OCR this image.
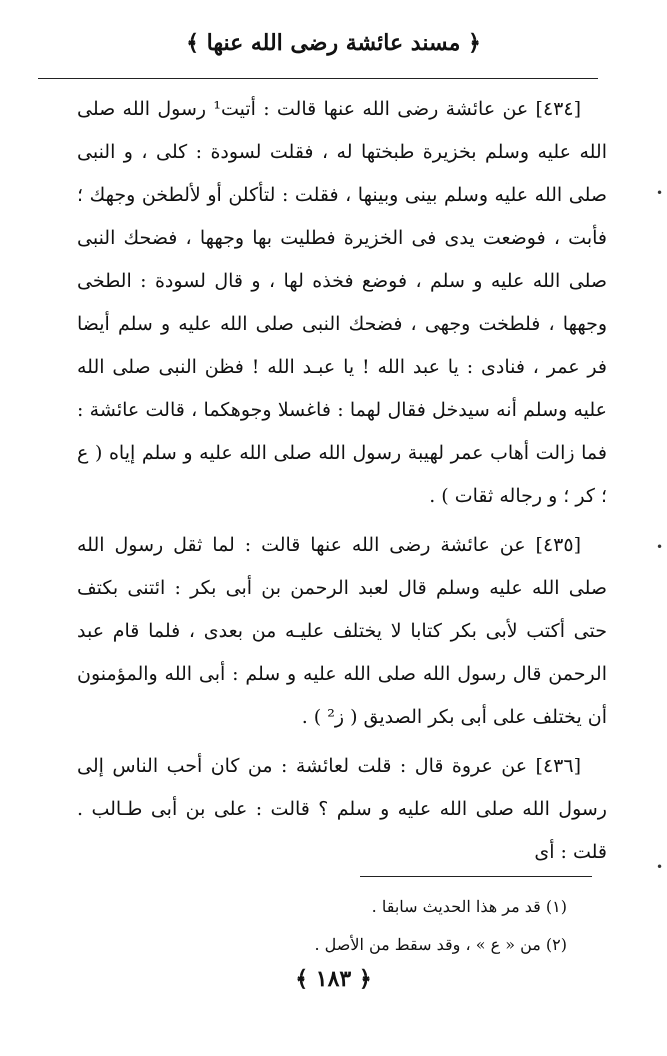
﴿ مسند عائشة رضى الله عنها ﴾

[٤٣٤] عن عائشة رضى الله عنها قالت : أتيت¹ رسول الله صلى الله عليه وسلم بخزيرة طبختها له ، فقلت لسودة : كلى ، و النبى صلى الله عليه وسلم بينى وبينها ، فقلت : لتأكلن أو لألطخن وجهك ؛ فأبت ، فوضعت يدى فى الخزيرة فطليت بها وجهها ، فضحك النبى صلى الله عليه و سلم ، فوضع فخذه لها ، و قال لسودة : الطخى وجهها ، فلطخت وجهى ، فضحك النبى صلى الله عليه و سلم أيضا فر عمر ، فنادى : يا عبد الله ! يا عبـد الله ! فظن النبى صلى الله عليه وسلم أنه سيدخل فقال لهما : فاغسلا وجوهكما ، قالت عائشة : فما زالت أهاب عمر لهيبة رسول الله صلى الله عليه و سلم إياه ( ع ؛ كر ؛ و رجاله ثقات ) .

[٤٣٥] عن عائشة رضى الله عنها قالت : لما ثقل رسول الله صلى الله عليه وسلم قال لعبد الرحمن بن أبى بكر : ائتنى بكتف حتى أكتب لأبى بكر كتابا لا يختلف عليـه من بعدى ، فلما قام عبد الرحمن قال رسول الله صلى الله عليه و سلم : أبى الله والمؤمنون أن يختلف على أبى بكر الصديق ( ز² ) .

[٤٣٦] عن عروة قال : قلت لعائشة : من كان أحب الناس إلى رسول الله صلى الله عليه و سلم ؟ قالت : على بن أبى طـالب . قلت : أى

(١) قد مر هذا الحديث سابقا .
(٢) من « ع » ، وقد سقط من الأصل .
﴿ ١٨٣ ﴾
•
•
•
